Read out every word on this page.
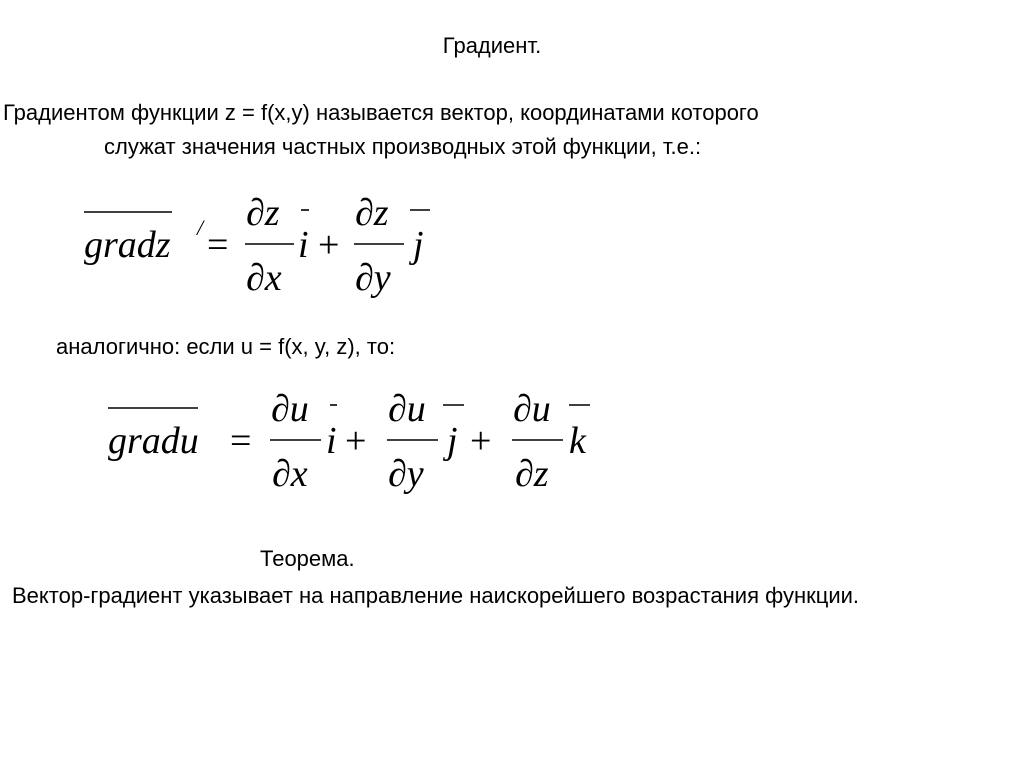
Градиент.
Градиентом функции z = f(x,y) называется вектор, координатами которого
служат значения частных производных этой функции, т.е.:
gradz / =
∂z
∂x
i +
∂z
∂y
j
аналогично: если u = f(x, y, z), то:
gradu =
∂u
∂x
i +
∂u
∂y
j +
∂u
∂z
k
Теорема.
Вектор-градиент указывает на направление наискорейшего возрастания функции.
